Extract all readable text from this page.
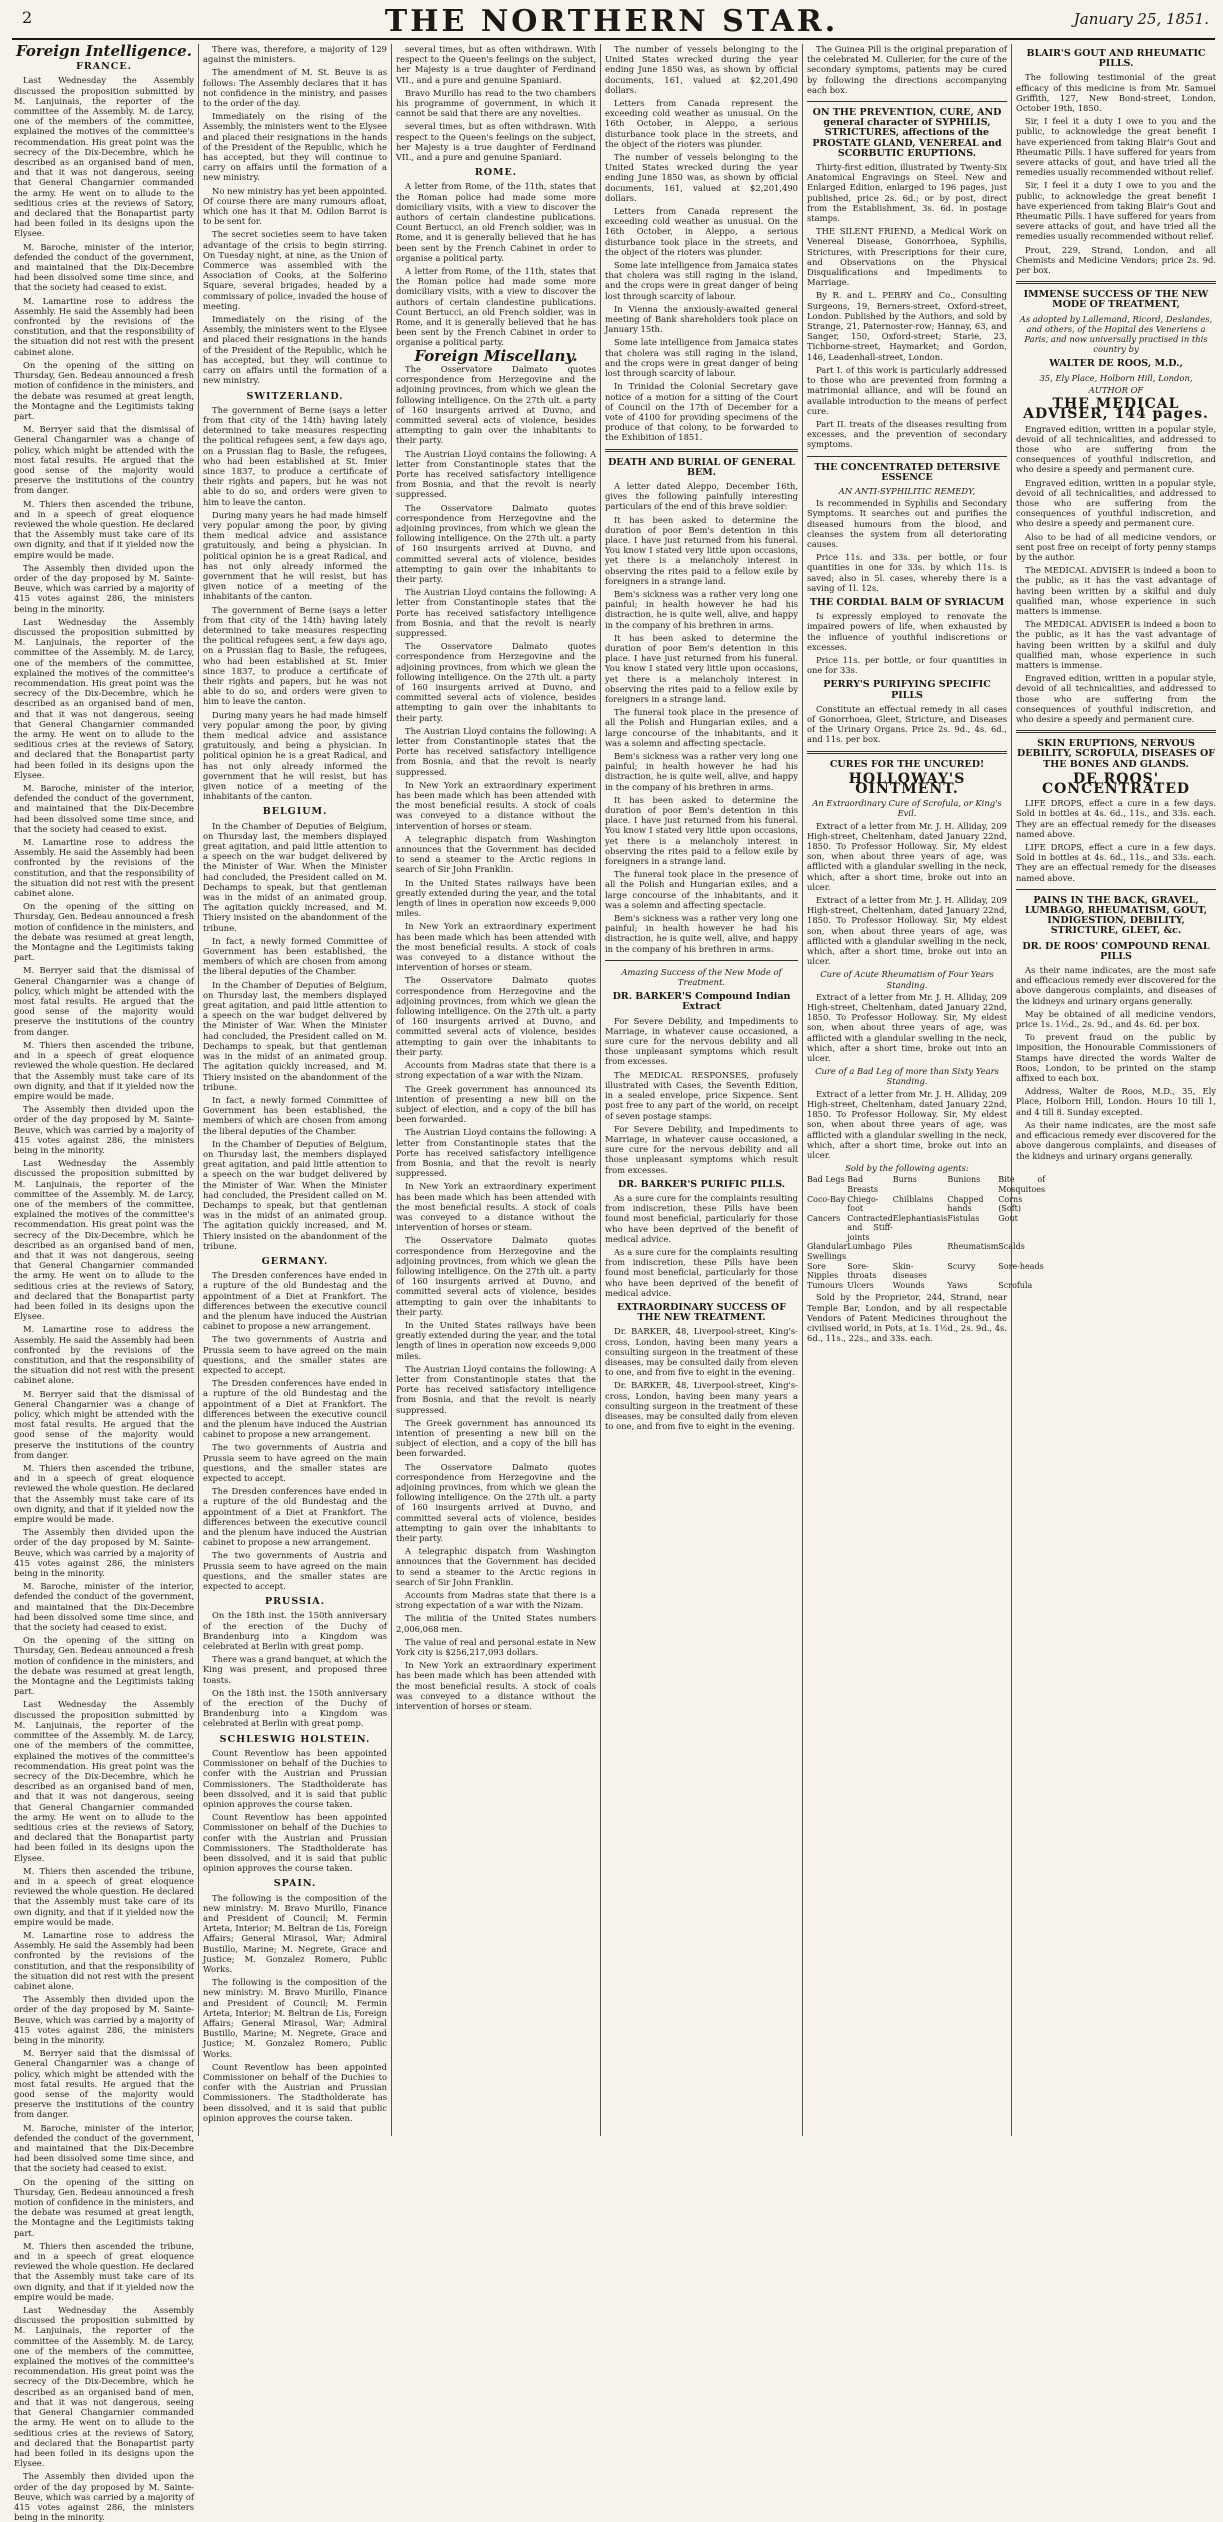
2	THE NORTHERN STAR.	January 25, 1851.
Foreign Intelligence.
FRANCE.

Last Wednesday the Assembly discussed the proposition submitted by M. Lanjuinais, the reporter of the committee of the Assembly. M. de Larcy, one of the members of the committee, explained the motives of the committee's recommendation. His great point was the secrecy of the Dix-Decembre, which he described as an organised band of men, and that it was not dangerous, seeing that General Changarnier commanded the army. He went on to allude to the seditious cries at the reviews of Satory, and declared that the Bonapartist party had been foiled in its designs upon the Elysee.

M. Baroche, minister of the interior, defended the conduct of the government, and maintained that the Dix-Decembre had been dissolved some time since, and that the society had ceased to exist.

M. Lamartine rose to address the Assembly. He said the Assembly had been confronted by the revisions of the constitution, and that the responsibility of the situation did not rest with the present cabinet alone.

On the opening of the sitting on Thursday, Gen. Bedeau announced a fresh motion of confidence in the ministers, and the debate was resumed at great length, the Montagne and the Legitimists taking part.

M. Berryer said that the dismissal of General Changarnier was a change of policy, which might be attended with the most fatal results. He argued that the good sense of the majority would preserve the institutions of the country from danger.

M. Thiers then ascended the tribune, and in a speech of great eloquence reviewed the whole question. He declared that the Assembly must take care of its own dignity, and that if it yielded now the empire would be made.

The Assembly then divided upon the order of the day proposed by M. Sainte-Beuve, which was carried by a majority of 415 votes against 286, the ministers being in the minority.

Last Wednesday the Assembly discussed the proposition submitted by M. Lanjuinais, the reporter of the committee of the Assembly. M. de Larcy, one of the members of the committee, explained the motives of the committee's recommendation. His great point was the secrecy of the Dix-Decembre, which he described as an organised band of men, and that it was not dangerous, seeing that General Changarnier commanded the army. He went on to allude to the seditious cries at the reviews of Satory, and declared that the Bonapartist party had been foiled in its designs upon the Elysee.

M. Baroche, minister of the interior, defended the conduct of the government, and maintained that the Dix-Decembre had been dissolved some time since, and that the society had ceased to exist.

M. Lamartine rose to address the Assembly. He said the Assembly had been confronted by the revisions of the constitution, and that the responsibility of the situation did not rest with the present cabinet alone.

On the opening of the sitting on Thursday, Gen. Bedeau announced a fresh motion of confidence in the ministers, and the debate was resumed at great length, the Montagne and the Legitimists taking part.

M. Berryer said that the dismissal of General Changarnier was a change of policy, which might be attended with the most fatal results. He argued that the good sense of the majority would preserve the institutions of the country from danger.

M. Thiers then ascended the tribune, and in a speech of great eloquence reviewed the whole question. He declared that the Assembly must take care of its own dignity, and that if it yielded now the empire would be made.

The Assembly then divided upon the order of the day proposed by M. Sainte-Beuve, which was carried by a majority of 415 votes against 286, the ministers being in the minority.

Last Wednesday the Assembly discussed the proposition submitted by M. Lanjuinais, the reporter of the committee of the Assembly. M. de Larcy, one of the members of the committee, explained the motives of the committee's recommendation. His great point was the secrecy of the Dix-Decembre, which he described as an organised band of men, and that it was not dangerous, seeing that General Changarnier commanded the army. He went on to allude to the seditious cries at the reviews of Satory, and declared that the Bonapartist party had been foiled in its designs upon the Elysee.

M. Lamartine rose to address the Assembly. He said the Assembly had been confronted by the revisions of the constitution, and that the responsibility of the situation did not rest with the present cabinet alone.

M. Berryer said that the dismissal of General Changarnier was a change of policy, which might be attended with the most fatal results. He argued that the good sense of the majority would preserve the institutions of the country from danger.

M. Thiers then ascended the tribune, and in a speech of great eloquence reviewed the whole question. He declared that the Assembly must take care of its own dignity, and that if it yielded now the empire would be made.

The Assembly then divided upon the order of the day proposed by M. Sainte-Beuve, which was carried by a majority of 415 votes against 286, the ministers being in the minority.

M. Baroche, minister of the interior, defended the conduct of the government, and maintained that the Dix-Decembre had been dissolved some time since, and that the society had ceased to exist.

On the opening of the sitting on Thursday, Gen. Bedeau announced a fresh motion of confidence in the ministers, and the debate was resumed at great length, the Montagne and the Legitimists taking part.

Last Wednesday the Assembly discussed the proposition submitted by M. Lanjuinais, the reporter of the committee of the Assembly. M. de Larcy, one of the members of the committee, explained the motives of the committee's recommendation. His great point was the secrecy of the Dix-Decembre, which he described as an organised band of men, and that it was not dangerous, seeing that General Changarnier commanded the army. He went on to allude to the seditious cries at the reviews of Satory, and declared that the Bonapartist party had been foiled in its designs upon the Elysee.

M. Thiers then ascended the tribune, and in a speech of great eloquence reviewed the whole question. He declared that the Assembly must take care of its own dignity, and that if it yielded now the empire would be made.

M. Lamartine rose to address the Assembly. He said the Assembly had been confronted by the revisions of the constitution, and that the responsibility of the situation did not rest with the present cabinet alone.

The Assembly then divided upon the order of the day proposed by M. Sainte-Beuve, which was carried by a majority of 415 votes against 286, the ministers being in the minority.

M. Berryer said that the dismissal of General Changarnier was a change of policy, which might be attended with the most fatal results. He argued that the good sense of the majority would preserve the institutions of the country from danger.

M. Baroche, minister of the interior, defended the conduct of the government, and maintained that the Dix-Decembre had been dissolved some time since, and that the society had ceased to exist.

On the opening of the sitting on Thursday, Gen. Bedeau announced a fresh motion of confidence in the ministers, and the debate was resumed at great length, the Montagne and the Legitimists taking part.

M. Thiers then ascended the tribune, and in a speech of great eloquence reviewed the whole question. He declared that the Assembly must take care of its own dignity, and that if it yielded now the empire would be made.

Last Wednesday the Assembly discussed the proposition submitted by M. Lanjuinais, the reporter of the committee of the Assembly. M. de Larcy, one of the members of the committee, explained the motives of the committee's recommendation. His great point was the secrecy of the Dix-Decembre, which he described as an organised band of men, and that it was not dangerous, seeing that General Changarnier commanded the army. He went on to allude to the seditious cries at the reviews of Satory, and declared that the Bonapartist party had been foiled in its designs upon the Elysee.

The Assembly then divided upon the order of the day proposed by M. Sainte-Beuve, which was carried by a majority of 415 votes against 286, the ministers being in the minority.

There was, therefore, a majority of 129 against the ministers.

The amendment of M. St. Beuve is as follows: The Assembly declares that it has not confidence in the ministry, and passes to the order of the day.

Immediately on the rising of the Assembly, the ministers went to the Elysee and placed their resignations in the hands of the President of the Republic, which he has accepted, but they will continue to carry on affairs until the formation of a new ministry.

No new ministry has yet been appointed. Of course there are many rumours afloat, which one has it that M. Odilon Barrot is to be sent for.

The secret societies seem to have taken advantage of the crisis to begin stirring. On Tuesday night, at nine, as the Union of Commerce was assembled with the Association of Cooks, at the Solferino Square, several brigades, headed by a commissary of police, invaded the house of meeting.

Immediately on the rising of the Assembly, the ministers went to the Elysee and placed their resignations in the hands of the President of the Republic, which he has accepted, but they will continue to carry on affairs until the formation of a new ministry.

SWITZERLAND.

The government of Berne (says a letter from that city of the 14th) having lately determined to take measures respecting the political refugees sent, a few days ago, on a Prussian flag to Basle, the refugees, who had been established at St. Imier since 1837, to produce a certificate of their rights and papers, but he was not able to do so, and orders were given to him to leave the canton.

During many years he had made himself very popular among the poor, by giving them medical advice and assistance gratuitously, and being a physician. In political opinion he is a great Radical, and has not only already informed the government that he will resist, but has given notice of a meeting of the inhabitants of the canton.

The government of Berne (says a letter from that city of the 14th) having lately determined to take measures respecting the political refugees sent, a few days ago, on a Prussian flag to Basle, the refugees, who had been established at St. Imier since 1837, to produce a certificate of their rights and papers, but he was not able to do so, and orders were given to him to leave the canton.

During many years he had made himself very popular among the poor, by giving them medical advice and assistance gratuitously, and being a physician. In political opinion he is a great Radical, and has not only already informed the government that he will resist, but has given notice of a meeting of the inhabitants of the canton.

BELGIUM.

In the Chamber of Deputies of Belgium, on Thursday last, the members displayed great agitation, and paid little attention to a speech on the war budget delivered by the Minister of War. When the Minister had concluded, the President called on M. Dechamps to speak, but that gentleman was in the midst of an animated group. The agitation quickly increased, and M. Thiery insisted on the abandonment of the tribune.

In fact, a newly formed Committee of Government has been established, the members of which are chosen from among the liberal deputies of the Chamber.

In the Chamber of Deputies of Belgium, on Thursday last, the members displayed great agitation, and paid little attention to a speech on the war budget delivered by the Minister of War. When the Minister had concluded, the President called on M. Dechamps to speak, but that gentleman was in the midst of an animated group. The agitation quickly increased, and M. Thiery insisted on the abandonment of the tribune.

In fact, a newly formed Committee of Government has been established, the members of which are chosen from among the liberal deputies of the Chamber.

In the Chamber of Deputies of Belgium, on Thursday last, the members displayed great agitation, and paid little attention to a speech on the war budget delivered by the Minister of War. When the Minister had concluded, the President called on M. Dechamps to speak, but that gentleman was in the midst of an animated group. The agitation quickly increased, and M. Thiery insisted on the abandonment of the tribune.

GERMANY.

The Dresden conferences have ended in a rupture of the old Bundestag and the appointment of a Diet at Frankfort. The differences between the executive council and the plenum have induced the Austrian cabinet to propose a new arrangement.

The two governments of Austria and Prussia seem to have agreed on the main questions, and the smaller states are expected to accept.

The Dresden conferences have ended in a rupture of the old Bundestag and the appointment of a Diet at Frankfort. The differences between the executive council and the plenum have induced the Austrian cabinet to propose a new arrangement.

The two governments of Austria and Prussia seem to have agreed on the main questions, and the smaller states are expected to accept.

The Dresden conferences have ended in a rupture of the old Bundestag and the appointment of a Diet at Frankfort. The differences between the executive council and the plenum have induced the Austrian cabinet to propose a new arrangement.

The two governments of Austria and Prussia seem to have agreed on the main questions, and the smaller states are expected to accept.

PRUSSIA.

On the 18th inst. the 150th anniversary of the erection of the Duchy of Brandenburg into a Kingdom was celebrated at Berlin with great pomp.

There was a grand banquet, at which the King was present, and proposed three toasts.

On the 18th inst. the 150th anniversary of the erection of the Duchy of Brandenburg into a Kingdom was celebrated at Berlin with great pomp.

SCHLESWIG HOLSTEIN.

Count Reventlow has been appointed Commissioner on behalf of the Duchies to confer with the Austrian and Prussian Commissioners. The Stadtholderate has been dissolved, and it is said that public opinion approves the course taken.

Count Reventlow has been appointed Commissioner on behalf of the Duchies to confer with the Austrian and Prussian Commissioners. The Stadtholderate has been dissolved, and it is said that public opinion approves the course taken.

SPAIN.

The following is the composition of the new ministry: M. Bravo Murillo, Finance and President of Council; M. Fermin Arteta, Interior; M. Beltran de Lis, Foreign Affairs; General Mirasol, War; Admiral Bustillo, Marine; M. Negrete, Grace and Justice; M. Gonzalez Romero, Public Works.

The following is the composition of the new ministry: M. Bravo Murillo, Finance and President of Council; M. Fermin Arteta, Interior; M. Beltran de Lis, Foreign Affairs; General Mirasol, War; Admiral Bustillo, Marine; M. Negrete, Grace and Justice; M. Gonzalez Romero, Public Works.

Count Reventlow has been appointed Commissioner on behalf of the Duchies to confer with the Austrian and Prussian Commissioners. The Stadtholderate has been dissolved, and it is said that public opinion approves the course taken.

several times, but as often withdrawn. With respect to the Queen's feelings on the subject, her Majesty is a true daughter of Ferdinand VII., and a pure and genuine Spaniard.

Bravo Murillo has read to the two chambers his programme of government, in which it cannot be said that there are any novelties.

several times, but as often withdrawn. With respect to the Queen's feelings on the subject, her Majesty is a true daughter of Ferdinand VII., and a pure and genuine Spaniard.

ROME.

A letter from Rome, of the 11th, states that the Roman police had made some more domiciliary visits, with a view to discover the authors of certain clandestine publications. Count Bertucci, an old French soldier, was in Rome, and it is generally believed that he has been sent by the French Cabinet in order to organise a political party.

A letter from Rome, of the 11th, states that the Roman police had made some more domiciliary visits, with a view to discover the authors of certain clandestine publications. Count Bertucci, an old French soldier, was in Rome, and it is generally believed that he has been sent by the French Cabinet in order to organise a political party.

Foreign Miscellany.

The Osservatore Dalmato quotes correspondence from Herzegovine and the adjoining provinces, from which we glean the following intelligence. On the 27th ult. a party of 160 insurgents arrived at Duvno, and committed several acts of violence, besides attempting to gain over the inhabitants to their party.

The Austrian Lloyd contains the following: A letter from Constantinople states that the Porte has received satisfactory intelligence from Bosnia, and that the revolt is nearly suppressed.

The Osservatore Dalmato quotes correspondence from Herzegovine and the adjoining provinces, from which we glean the following intelligence. On the 27th ult. a party of 160 insurgents arrived at Duvno, and committed several acts of violence, besides attempting to gain over the inhabitants to their party.

The Austrian Lloyd contains the following: A letter from Constantinople states that the Porte has received satisfactory intelligence from Bosnia, and that the revolt is nearly suppressed.

The Osservatore Dalmato quotes correspondence from Herzegovine and the adjoining provinces, from which we glean the following intelligence. On the 27th ult. a party of 160 insurgents arrived at Duvno, and committed several acts of violence, besides attempting to gain over the inhabitants to their party.

The Austrian Lloyd contains the following: A letter from Constantinople states that the Porte has received satisfactory intelligence from Bosnia, and that the revolt is nearly suppressed.

In New York an extraordinary experiment has been made which has been attended with the most beneficial results. A stock of coals was conveyed to a distance without the intervention of horses or steam.

A telegraphic dispatch from Washington announces that the Government has decided to send a steamer to the Arctic regions in search of Sir John Franklin.

In the United States railways have been greatly extended during the year, and the total length of lines in operation now exceeds 9,000 miles.

In New York an extraordinary experiment has been made which has been attended with the most beneficial results. A stock of coals was conveyed to a distance without the intervention of horses or steam.

The Osservatore Dalmato quotes correspondence from Herzegovine and the adjoining provinces, from which we glean the following intelligence. On the 27th ult. a party of 160 insurgents arrived at Duvno, and committed several acts of violence, besides attempting to gain over the inhabitants to their party.

Accounts from Madras state that there is a strong expectation of a war with the Nizam.

The Greek government has announced its intention of presenting a new bill on the subject of election, and a copy of the bill has been forwarded.

The Austrian Lloyd contains the following: A letter from Constantinople states that the Porte has received satisfactory intelligence from Bosnia, and that the revolt is nearly suppressed.

In New York an extraordinary experiment has been made which has been attended with the most beneficial results. A stock of coals was conveyed to a distance without the intervention of horses or steam.

The Osservatore Dalmato quotes correspondence from Herzegovine and the adjoining provinces, from which we glean the following intelligence. On the 27th ult. a party of 160 insurgents arrived at Duvno, and committed several acts of violence, besides attempting to gain over the inhabitants to their party.

In the United States railways have been greatly extended during the year, and the total length of lines in operation now exceeds 9,000 miles.

The Austrian Lloyd contains the following: A letter from Constantinople states that the Porte has received satisfactory intelligence from Bosnia, and that the revolt is nearly suppressed.

The Greek government has announced its intention of presenting a new bill on the subject of election, and a copy of the bill has been forwarded.

The Osservatore Dalmato quotes correspondence from Herzegovine and the adjoining provinces, from which we glean the following intelligence. On the 27th ult. a party of 160 insurgents arrived at Duvno, and committed several acts of violence, besides attempting to gain over the inhabitants to their party.

A telegraphic dispatch from Washington announces that the Government has decided to send a steamer to the Arctic regions in search of Sir John Franklin.

Accounts from Madras state that there is a strong expectation of a war with the Nizam.

The militia of the United States numbers 2,006,068 men.

The value of real and personal estate in New York city is $256,217,093 dollars.

In New York an extraordinary experiment has been made which has been attended with the most beneficial results. A stock of coals was conveyed to a distance without the intervention of horses or steam.

The number of vessels belonging to the United States wrecked during the year ending June 1850 was, as shown by official documents, 161, valued at $2,201,490 dollars.

Letters from Canada represent the exceeding cold weather as unusual. On the 16th October, in Aleppo, a serious disturbance took place in the streets, and the object of the rioters was plunder.

The number of vessels belonging to the United States wrecked during the year ending June 1850 was, as shown by official documents, 161, valued at $2,201,490 dollars.

Letters from Canada represent the exceeding cold weather as unusual. On the 16th October, in Aleppo, a serious disturbance took place in the streets, and the object of the rioters was plunder.

Some late intelligence from Jamaica states that cholera was still raging in the island, and the crops were in great danger of being lost through scarcity of labour.

In Vienna the anxiously-awaited general meeting of Bank shareholders took place on January 15th.

Some late intelligence from Jamaica states that cholera was still raging in the island, and the crops were in great danger of being lost through scarcity of labour.

In Trinidad the Colonial Secretary gave notice of a motion for a sitting of the Court of Council on the 17th of December for a vote of 4100 for providing specimens of the produce of that colony, to be forwarded to the Exhibition of 1851.

DEATH AND BURIAL OF GENERAL BEM.

A letter dated Aleppo, December 16th, gives the following painfully interesting particulars of the end of this brave soldier:

It has been asked to determine the duration of poor Bem's detention in this place. I have just returned from his funeral. You know I stated very little upon occasions, yet there is a melancholy interest in observing the rites paid to a fellow exile by foreigners in a strange land.

Bem's sickness was a rather very long one painful; in health however he had his distraction, he is quite well, alive, and happy in the company of his brethren in arms.

It has been asked to determine the duration of poor Bem's detention in this place. I have just returned from his funeral. You know I stated very little upon occasions, yet there is a melancholy interest in observing the rites paid to a fellow exile by foreigners in a strange land.

The funeral took place in the presence of all the Polish and Hungarian exiles, and a large concourse of the inhabitants, and it was a solemn and affecting spectacle.

Bem's sickness was a rather very long one painful; in health however he had his distraction, he is quite well, alive, and happy in the company of his brethren in arms.

It has been asked to determine the duration of poor Bem's detention in this place. I have just returned from his funeral. You know I stated very little upon occasions, yet there is a melancholy interest in observing the rites paid to a fellow exile by foreigners in a strange land.

The funeral took place in the presence of all the Polish and Hungarian exiles, and a large concourse of the inhabitants, and it was a solemn and affecting spectacle.

Bem's sickness was a rather very long one painful; in health however he had his distraction, he is quite well, alive, and happy in the company of his brethren in arms.

Amazing Success of the New Mode of Treatment.
DR. BARKER'S Compound Indian Extract

For Severe Debility, and Impediments to Marriage, in whatever cause occasioned, a sure cure for the nervous debility and all those unpleasant symptoms which result from excesses.

The MEDICAL RESPONSES, profusely illustrated with Cases, the Seventh Edition, in a sealed envelope, price Sixpence. Sent post free to any part of the world, on receipt of seven postage stamps.

For Severe Debility, and Impediments to Marriage, in whatever cause occasioned, a sure cure for the nervous debility and all those unpleasant symptoms which result from excesses.

DR. BARKER'S PURIFIC PILLS.

As a sure cure for the complaints resulting from indiscretion, these Pills have been found most beneficial, particularly for those who have been deprived of the benefit of medical advice.

As a sure cure for the complaints resulting from indiscretion, these Pills have been found most beneficial, particularly for those who have been deprived of the benefit of medical advice.

EXTRAORDINARY SUCCESS OF THE NEW TREATMENT.

Dr. BARKER, 48, Liverpool-street, King's-cross, London, having been many years a consulting surgeon in the treatment of these diseases, may be consulted daily from eleven to one, and from five to eight in the evening.

Dr. BARKER, 48, Liverpool-street, King's-cross, London, having been many years a consulting surgeon in the treatment of these diseases, may be consulted daily from eleven to one, and from five to eight in the evening.

The Guinea Pill is the original preparation of the celebrated M. Cullerier, for the cure of the secondary symptoms, patients may be cured by following the directions accompanying each box.

ON THE PREVENTION, CURE, AND general character of SYPHILIS, STRICTURES, affections of the PROSTATE GLAND, VENEREAL and SCORBUTIC ERUPTIONS.

Thirty-first edition, illustrated by Twenty-Six Anatomical Engravings on Steel. New and Enlarged Edition, enlarged to 196 pages, just published, price 2s. 6d.; or by post, direct from the Establishment, 3s. 6d. in postage stamps.

THE SILENT FRIEND, a Medical Work on Venereal Disease, Gonorrhoea, Syphilis, Strictures, with Prescriptions for their cure, and Observations on the Physical Disqualifications and Impediments to Marriage.

By R. and L. PERRY and Co., Consulting Surgeons, 19, Berners-street, Oxford-street, London. Published by the Authors, and sold by Strange, 21, Paternoster-row; Hannay, 63, and Sanger, 150, Oxford-street; Starie, 23, Tichborne-street, Haymarket; and Gordon, 146, Leadenhall-street, London.

Part I. of this work is particularly addressed to those who are prevented from forming a matrimonial alliance, and will be found an available introduction to the means of perfect cure.

Part II. treats of the diseases resulting from excesses, and the prevention of secondary symptoms.

THE CONCENTRATED DETERSIVE ESSENCE
AN ANTI-SYPHILITIC REMEDY,

Is recommended in Syphilis and Secondary Symptoms. It searches out and purifies the diseased humours from the blood, and cleanses the system from all deteriorating causes.

Price 11s. and 33s. per bottle, or four quantities in one for 33s. by which 11s. is saved; also in 5l. cases, whereby there is a saving of 1l. 12s.

THE CORDIAL BALM OF SYRIACUM

Is expressly employed to renovate the impaired powers of life, when exhausted by the influence of youthful indiscretions or excesses.

Price 11s. per bottle, or four quantities in one for 33s.

PERRY'S PURIFYING SPECIFIC PILLS

Constitute an effectual remedy in all cases of Gonorrhoea, Gleet, Stricture, and Diseases of the Urinary Organs. Price 2s. 9d., 4s. 6d., and 11s. per box.

CURES FOR THE UNCURED!
HOLLOWAY'S OINTMENT.
An Extraordinary Cure of Scrofula, or King's Evil.

Extract of a letter from Mr. J. H. Alliday, 209 High-street, Cheltenham, dated January 22nd, 1850. To Professor Holloway. Sir, My eldest son, when about three years of age, was afflicted with a glandular swelling in the neck, which, after a short time, broke out into an ulcer.

Extract of a letter from Mr. J. H. Alliday, 209 High-street, Cheltenham, dated January 22nd, 1850. To Professor Holloway. Sir, My eldest son, when about three years of age, was afflicted with a glandular swelling in the neck, which, after a short time, broke out into an ulcer.

Cure of Acute Rheumatism of Four Years Standing.

Extract of a letter from Mr. J. H. Alliday, 209 High-street, Cheltenham, dated January 22nd, 1850. To Professor Holloway. Sir, My eldest son, when about three years of age, was afflicted with a glandular swelling in the neck, which, after a short time, broke out into an ulcer.

Cure of a Bad Leg of more than Sixty Years Standing.

Extract of a letter from Mr. J. H. Alliday, 209 High-street, Cheltenham, dated January 22nd, 1850. To Professor Holloway. Sir, My eldest son, when about three years of age, was afflicted with a glandular swelling in the neck, which, after a short time, broke out into an ulcer.

Sold by the following agents:
Bad Legs Bad Breasts
Burns	Bunions	Bite of Mosquitoes
Coco-Bay Chiego-foot
Chilblains	Chapped hands
Corns (Soft)
Cancers Contracted and Stiff-joints
Elephantiasis Fistulas	Gout
Glandular Swellings
Lumbago Piles	Rheumatism Scalds
Sore Nipples
Sore-throats
Skin-diseases
Scurvy	Sore-heads
Tumours Ulcers	Wounds	Yaws	Scrofula

Sold by the Proprietor, 244, Strand, near Temple Bar, London, and by all respectable Vendors of Patent Medicines throughout the civilised world, in Pots, at 1s. 1½d., 2s. 9d., 4s. 6d., 11s., 22s., and 33s. each.

BLAIR'S GOUT AND RHEUMATIC PILLS.

The following testimonial of the great efficacy of this medicine is from Mr. Samuel Griffith, 127, New Bond-street, London, October 19th, 1850.

Sir, I feel it a duty I owe to you and the public, to acknowledge the great benefit I have experienced from taking Blair's Gout and Rheumatic Pills. I have suffered for years from severe attacks of gout, and have tried all the remedies usually recommended without relief.

Sir, I feel it a duty I owe to you and the public, to acknowledge the great benefit I have experienced from taking Blair's Gout and Rheumatic Pills. I have suffered for years from severe attacks of gout, and have tried all the remedies usually recommended without relief.

Prout, 229, Strand, London, and all Chemists and Medicine Vendors; price 2s. 9d. per box.

IMMENSE SUCCESS OF THE NEW MODE OF TREATMENT,
As adopted by Lallemand, Ricord, Deslandes, and others, of the Hopital des Veneriens a Paris, and now universally practised in this country by
WALTER DE ROOS, M.D.,
35, Ely Place, Holborn Hill, London,
AUTHOR OF
THE MEDICAL ADVISER, 144 pages.

Engraved edition, written in a popular style, devoid of all technicalities, and addressed to those who are suffering from the consequences of youthful indiscretion, and who desire a speedy and permanent cure.

Engraved edition, written in a popular style, devoid of all technicalities, and addressed to those who are suffering from the consequences of youthful indiscretion, and who desire a speedy and permanent cure.

Also to be had of all medicine vendors, or sent post free on receipt of forty penny stamps by the author.

The MEDICAL ADVISER is indeed a boon to the public, as it has the vast advantage of having been written by a skilful and duly qualified man, whose experience in such matters is immense.

The MEDICAL ADVISER is indeed a boon to the public, as it has the vast advantage of having been written by a skilful and duly qualified man, whose experience in such matters is immense.

Engraved edition, written in a popular style, devoid of all technicalities, and addressed to those who are suffering from the consequences of youthful indiscretion, and who desire a speedy and permanent cure.

SKIN ERUPTIONS, NERVOUS DEBILITY, SCROFULA, DISEASES OF THE BONES AND GLANDS.
DE ROOS' CONCENTRATED

LIFE DROPS, effect a cure in a few days. Sold in bottles at 4s. 6d., 11s., and 33s. each. They are an effectual remedy for the diseases named above.

LIFE DROPS, effect a cure in a few days. Sold in bottles at 4s. 6d., 11s., and 33s. each. They are an effectual remedy for the diseases named above.

PAINS IN THE BACK, GRAVEL, LUMBAGO, RHEUMATISM, GOUT, INDIGESTION, DEBILITY, STRICTURE, GLEET, &c.
DR. DE ROOS' COMPOUND RENAL PILLS

As their name indicates, are the most safe and efficacious remedy ever discovered for the above dangerous complaints, and diseases of the kidneys and urinary organs generally.

May be obtained of all medicine vendors, price 1s. 1½d., 2s. 9d., and 4s. 6d. per box.

To prevent fraud on the public by imposition, the Honourable Commissioners of Stamps have directed the words Walter de Roos, London, to be printed on the stamp affixed to each box.

Address, Walter de Roos, M.D., 35, Ely Place, Holborn Hill, London. Hours 10 till 1, and 4 till 8. Sunday excepted.

As their name indicates, are the most safe and efficacious remedy ever discovered for the above dangerous complaints, and diseases of the kidneys and urinary organs generally.
